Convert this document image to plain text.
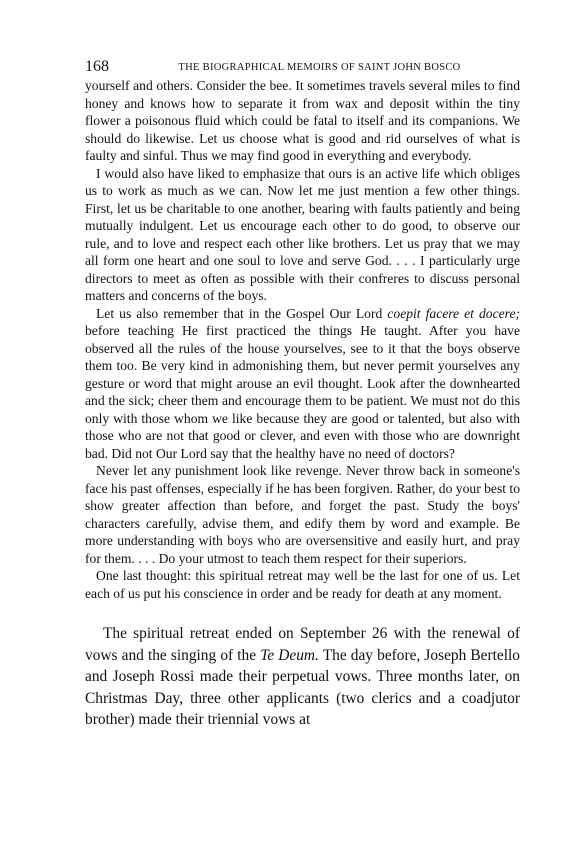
168	THE BIOGRAPHICAL MEMOIRS OF SAINT JOHN BOSCO

yourself and others. Consider the bee. It sometimes travels several miles to find honey and knows how to separate it from wax and deposit within the tiny flower a poisonous fluid which could be fatal to itself and its companions. We should do likewise. Let us choose what is good and rid ourselves of what is faulty and sinful. Thus we may find good in everything and everybody.

I would also have liked to emphasize that ours is an active life which obliges us to work as much as we can. Now let me just mention a few other things. First, let us be charitable to one another, bearing with faults patiently and being mutually indulgent. Let us encourage each other to do good, to observe our rule, and to love and respect each other like brothers. Let us pray that we may all form one heart and one soul to love and serve God. . . . I particularly urge directors to meet as often as possible with their confreres to discuss personal matters and concerns of the boys.

Let us also remember that in the Gospel Our Lord coepit facere et docere; before teaching He first practiced the things He taught. After you have observed all the rules of the house yourselves, see to it that the boys observe them too. Be very kind in admonishing them, but never permit yourselves any gesture or word that might arouse an evil thought. Look after the downhearted and the sick; cheer them and encourage them to be patient. We must not do this only with those whom we like because they are good or talented, but also with those who are not that good or clever, and even with those who are downright bad. Did not Our Lord say that the healthy have no need of doctors?

Never let any punishment look like revenge. Never throw back in someone's face his past offenses, especially if he has been forgiven. Rather, do your best to show greater affection than before, and forget the past. Study the boys' characters carefully, advise them, and edify them by word and example. Be more understanding with boys who are oversensitive and easily hurt, and pray for them. . . . Do your utmost to teach them respect for their superiors.

One last thought: this spiritual retreat may well be the last for one of us. Let each of us put his conscience in order and be ready for death at any moment.

The spiritual retreat ended on September 26 with the renewal of vows and the singing of the Te Deum. The day before, Joseph Bertello and Joseph Rossi made their perpetual vows. Three months later, on Christmas Day, three other applicants (two clerics and a coadjutor brother) made their triennial vows at
